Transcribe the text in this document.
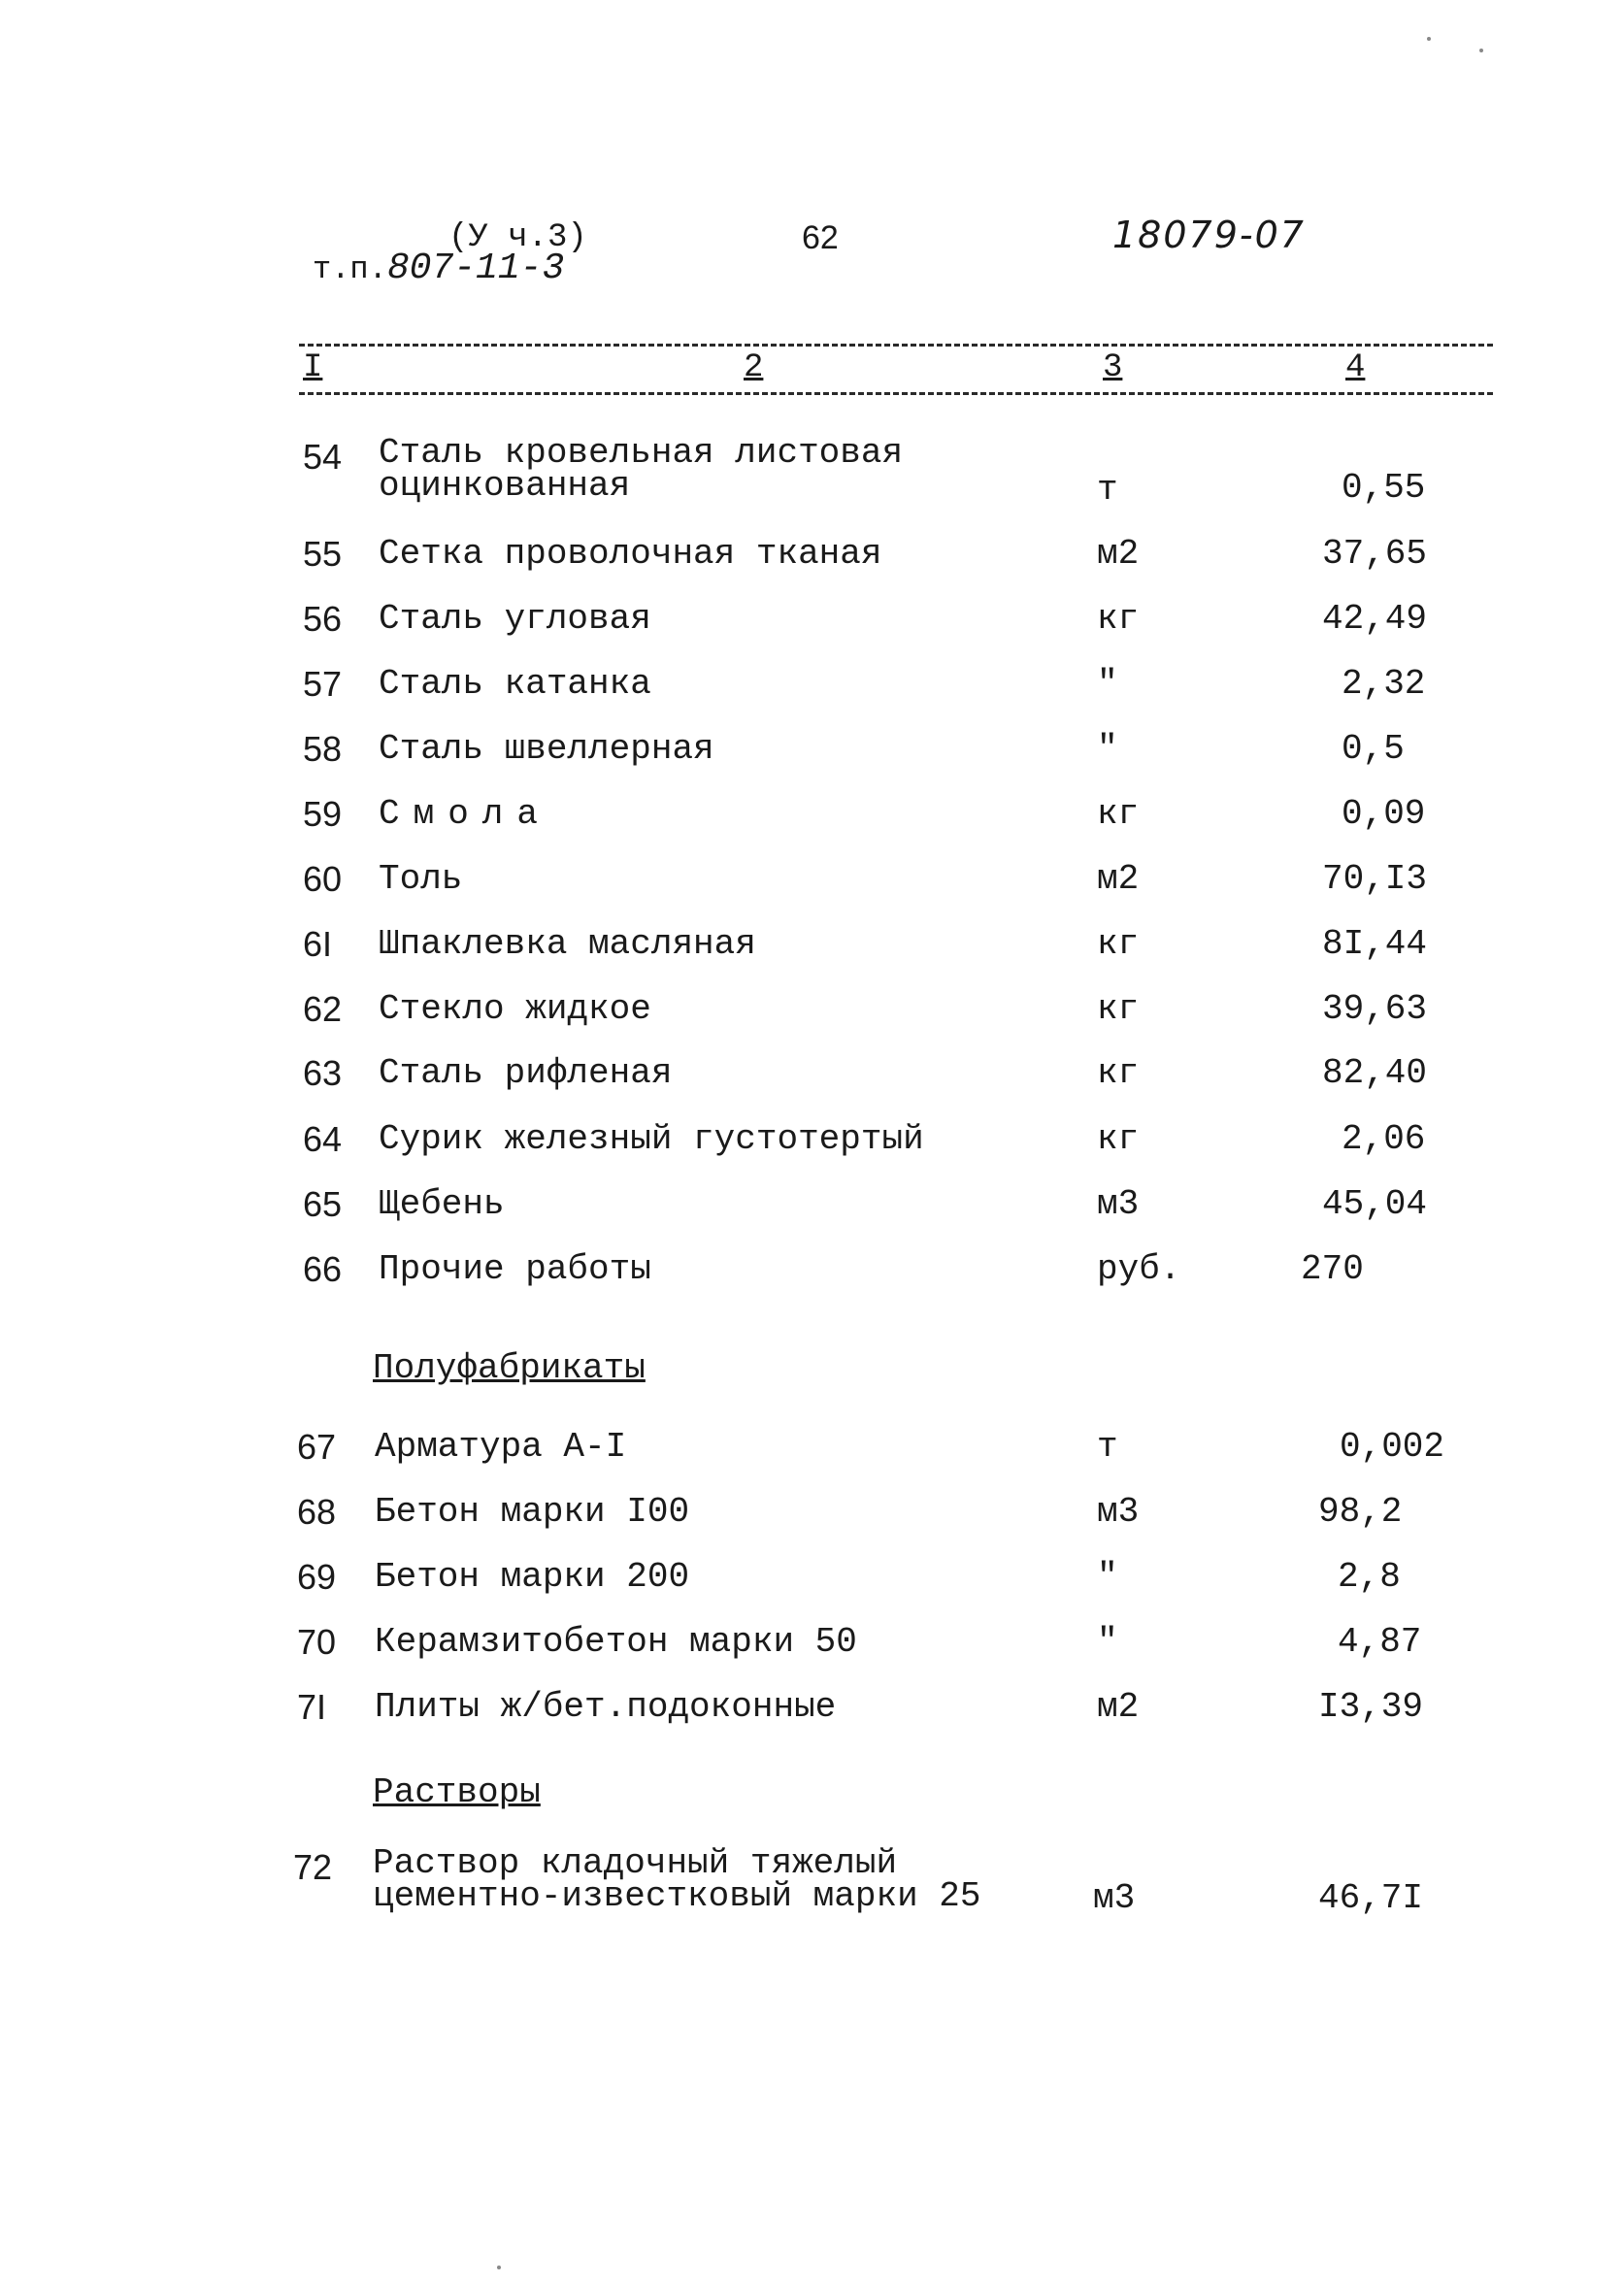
(У ч.3)
т.п.807-11-3
62	18079-07
I	2	3	4
54 Сталь кровельная листовая
оцинкованная	т	0,55
55 Сетка проволочная тканая	м2	37,65
56 Сталь угловая	кг	42,49
57 Сталь катанка	"	2,32
58 Сталь швеллерная	"	0,5
59 Смола	кг	0,09
60 Толь	м2	70,I3
6I Шпаклевка масляная	кг	8I,44
62 Стекло жидкое	кг	39,63
63 Сталь рифленая	кг	82,40
64 Сурик железный густотертый	кг	2,06
65 Щебень	м3	45,04
66 Прочие работы	руб.	270
Полуфабрикаты
67 Арматура А-I	т	0,002
68 Бетон марки I00	м3	98,2
69 Бетон марки 200	"	2,8
70 Керамзитобетон марки 50	"	4,87
7I Плиты ж/бет.подоконные	м2	I3,39
Растворы
72 Раствор кладочный тяжелый
цементно-известковый марки 25	м3	46,7I
